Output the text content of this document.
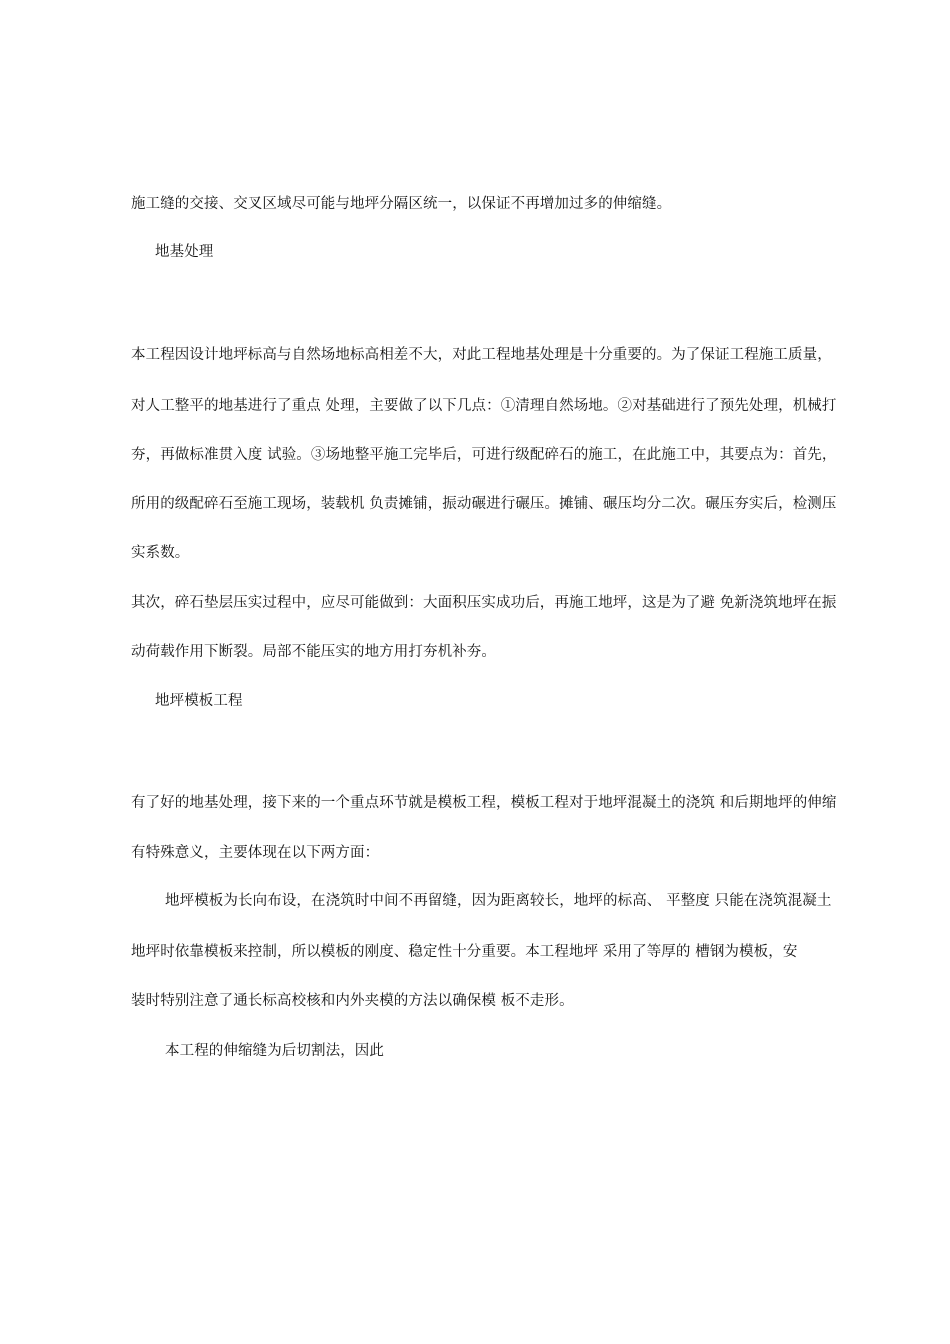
施工缝的交接、交叉区域尽可能与地坪分隔区统一，以保证不再增加过多的伸缩缝。
地基处理
本工程因设计地坪标高与自然场地标高相差不大，对此工程地基处理是十分重要的。为了保证工程施工质量，
对人工整平的地基进行了重点 处理，主要做了以下几点：①清理自然场地。②对基础进行了预先处理，机械打
夯，再做标准贯入度 试验。③场地整平施工完毕后，可进行级配碎石的施工，在此施工中，其要点为：首先，
所用的级配碎石至施工现场，装载机 负责摊铺，振动碾进行碾压。摊铺、碾压均分二次。碾压夯实后，检测压
实系数。
其次，碎石垫层压实过程中，应尽可能做到：大面积压实成功后，再施工地坪，这是为了避 免新浇筑地坪在振
动荷载作用下断裂。局部不能压实的地方用打夯机补夯。
地坪模板工程
有了好的地基处理，接下来的一个重点环节就是模板工程，模板工程对于地坪混凝土的浇筑 和后期地坪的伸缩
有特殊意义，主要体现在以下两方面：
地坪模板为长向布设，在浇筑时中间不再留缝，因为距离较长，地坪的标高、 平整度 只能在浇筑混凝土
地坪时依靠模板来控制，所以模板的刚度、稳定性十分重要。本工程地坪 采用了等厚的 槽钢为模板，安
装时特别注意了通长标高校核和内外夹模的方法以确保模 板不走形。
本工程的伸缩缝为后切割法，因此
